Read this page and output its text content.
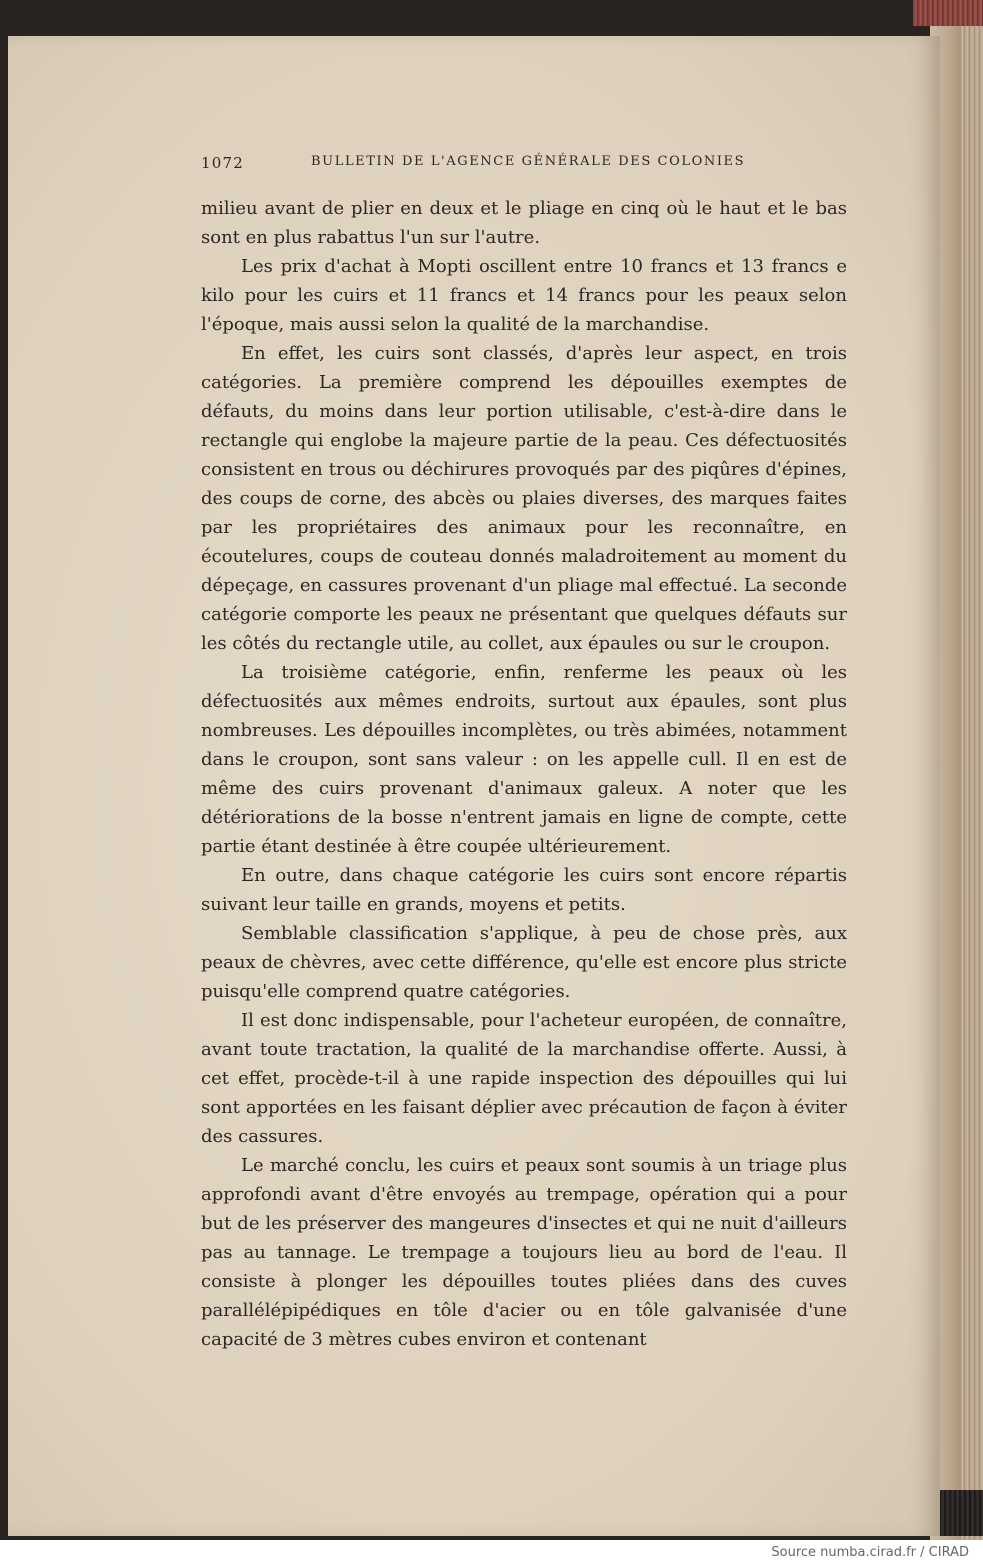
1072	BULLETIN DE L'AGENCE GÉNÉRALE DES COLONIES

milieu avant de plier en deux et le pliage en cinq où le haut et le bas sont en plus rabattus l'un sur l'autre.

Les prix d'achat à Mopti oscillent entre 10 francs et 13 francs e kilo pour les cuirs et 11 francs et 14 francs pour les peaux selon l'époque, mais aussi selon la qualité de la marchandise.

En effet, les cuirs sont classés, d'après leur aspect, en trois catégories. La première comprend les dépouilles exemptes de défauts, du moins dans leur portion utilisable, c'est-à-dire dans le rectangle qui englobe la majeure partie de la peau. Ces défectuosités consistent en trous ou déchirures provoqués par des piqûres d'épines, des coups de corne, des abcès ou plaies diverses, des marques faites par les propriétaires des animaux pour les reconnaître, en écoutelures, coups de couteau donnés maladroitement au moment du dépeçage, en cassures provenant d'un pliage mal effectué. La seconde catégorie comporte les peaux ne présentant que quelques défauts sur les côtés du rectangle utile, au collet, aux épaules ou sur le croupon.

La troisième catégorie, enfin, renferme les peaux où les défectuosités aux mêmes endroits, surtout aux épaules, sont plus nombreuses. Les dépouilles incomplètes, ou très abimées, notamment dans le croupon, sont sans valeur : on les appelle cull. Il en est de même des cuirs provenant d'animaux galeux. A noter que les détériorations de la bosse n'entrent jamais en ligne de compte, cette partie étant destinée à être coupée ultérieurement.

En outre, dans chaque catégorie les cuirs sont encore répartis suivant leur taille en grands, moyens et petits.

Semblable classification s'applique, à peu de chose près, aux peaux de chèvres, avec cette différence, qu'elle est encore plus stricte puisqu'elle comprend quatre catégories.

Il est donc indispensable, pour l'acheteur européen, de connaître, avant toute tractation, la qualité de la marchandise offerte. Aussi, à cet effet, procède-t-il à une rapide inspection des dépouilles qui lui sont apportées en les faisant déplier avec précaution de façon à éviter des cassures.

Le marché conclu, les cuirs et peaux sont soumis à un triage plus approfondi avant d'être envoyés au trempage, opération qui a pour but de les préserver des mangeures d'insectes et qui ne nuit d'ailleurs pas au tannage. Le trempage a toujours lieu au bord de l'eau. Il consiste à plonger les dépouilles toutes pliées dans des cuves parallélépipédiques en tôle d'acier ou en tôle galvanisée d'une capacité de 3 mètres cubes environ et contenant

Source numba.cirad.fr / CIRAD
